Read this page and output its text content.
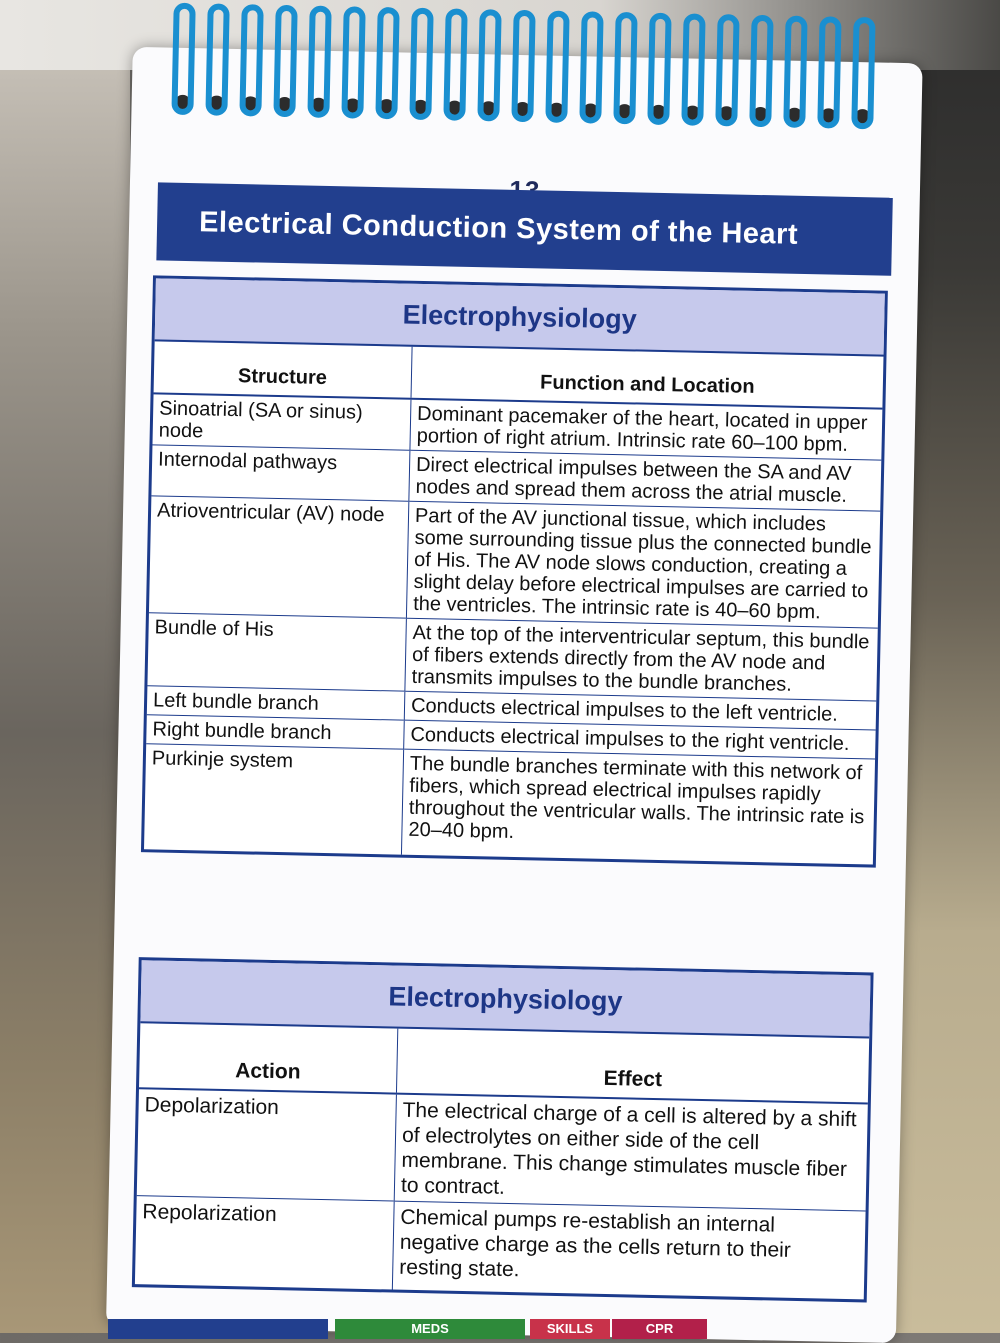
Electrical Conduction System of the Heart
Electrophysiology
Structure	Function and Location
Sinoatrial (SA or sinus) node	Dominant pacemaker of the heart, located in upper portion of right atrium. Intrinsic rate 60–100 bpm.
Internodal pathways	Direct electrical impulses between the SA and AV nodes and spread them across the atrial muscle.
Atrioventricular (AV) node	Part of the AV junctional tissue, which includes some surrounding tissue plus the connected bundle of His. The AV node slows conduction, creating a slight delay before electrical impulses are carried to the ventricles. The intrinsic rate is 40–60 bpm.
Bundle of His	At the top of the interventricular septum, this bundle of fibers extends directly from the AV node and transmits impulses to the bundle branches.
Left bundle branch	Conducts electrical impulses to the left ventricle.
Right bundle branch	Conducts electrical impulses to the right ventricle.
Purkinje system	The bundle branches terminate with this network of fibers, which spread electrical impulses rapidly throughout the ventricular walls. The intrinsic rate is 20–40 bpm.
Electrophysiology
Action	Effect
Depolarization	The electrical charge of a cell is altered by a shift of electrolytes on either side of the cell membrane. This change stimulates muscle fiber to contract.
Repolarization	Chemical pumps re-establish an internal negative charge as the cells return to their resting state.
MEDS	SKILLS	CPR
